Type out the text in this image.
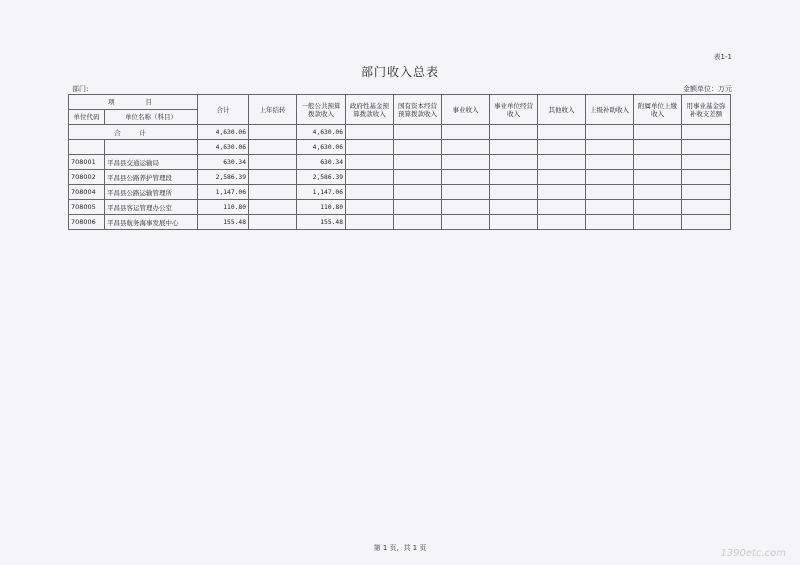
表1-1
部门收入总表
部门:	金额单位：万元
项　　目		合计	上年结转	一般公共预算拨款收入	政府性基金预算拨款收入	国有资本经营预算拨款收入	事业收入	事业单位经营收入	其他收入	上级补助收入	附属单位上缴收入	用事业基金弥补收支差额
单位代码	单位名称（科目）											
合　计		4,630.06		4,630.06								
		4,630.06		4,630.06								
708001	平昌县交通运输局	630.34		630.34								
708002	平昌县公路养护管理段	2,586.39		2,586.39								
708004	平昌县公路运输管理所	1,147.06		1,147.06								
708005	平昌县客运管理办公室	110.80		110.80								
708006	平昌县航务海事发展中心	155.48		155.48								
第 1 页，共 1 页	1390etc.com
